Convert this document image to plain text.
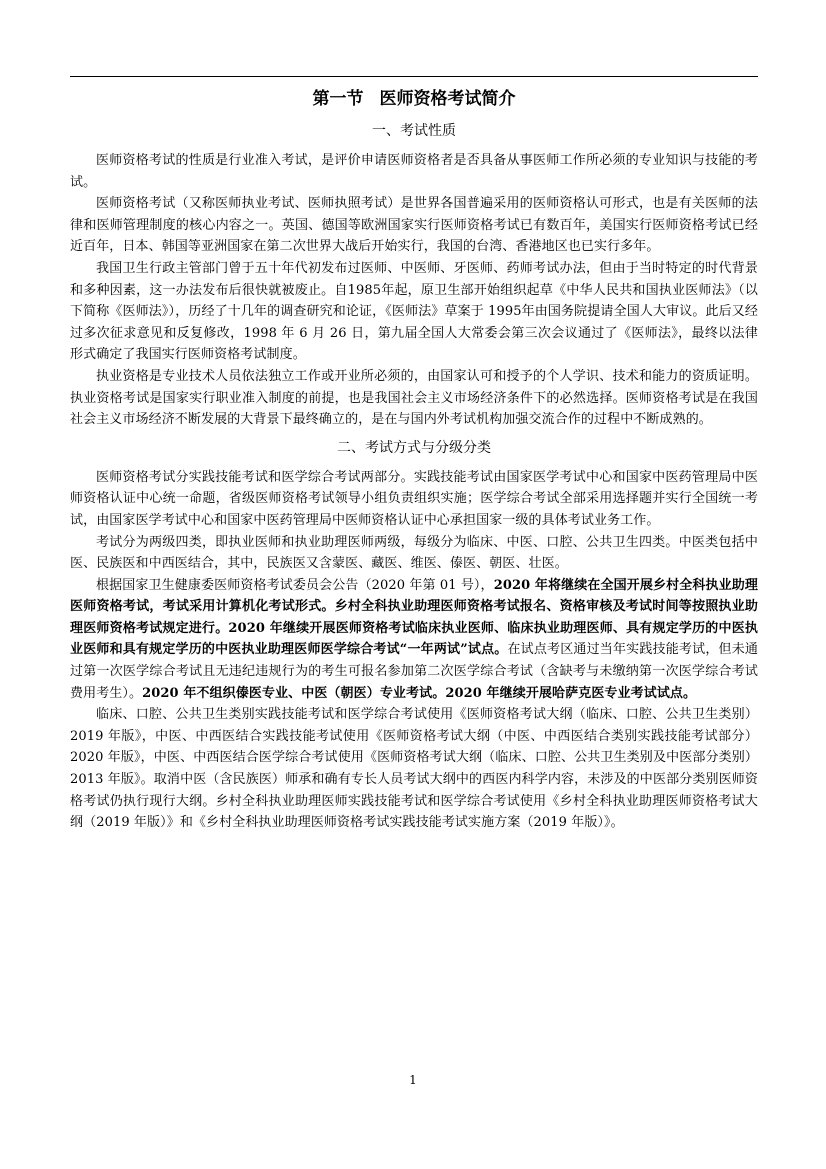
第一节 医师资格考试简介
一、考试性质

医师资格考试的性质是行业准入考试，是评价申请医师资格者是否具备从事医师工作所必须的专业知识与技能的考试。

医师资格考试（又称医师执业考试、医师执照考试）是世界各国普遍采用的医师资格认可形式，也是有关医师的法律和医师管理制度的核心内容之一。英国、德国等欧洲国家实行医师资格考试已有数百年，美国实行医师资格考试已经近百年，日本、韩国等亚洲国家在第二次世界大战后开始实行，我国的台湾、香港地区也已实行多年。

我国卫生行政主管部门曾于五十年代初发布过医师、中医师、牙医师、药师考试办法，但由于当时特定的时代背景和多种因素，这一办法发布后很快就被废止。自1985年起，原卫生部开始组织起草《中华人民共和国执业医师法》（以下简称《医师法》），历经了十几年的调查研究和论证，《医师法》草案于 1995年由国务院提请全国人大审议。此后又经过多次征求意见和反复修改，1998 年 6 月 26 日，第九届全国人大常委会第三次会议通过了《医师法》，最终以法律形式确定了我国实行医师资格考试制度。

执业资格是专业技术人员依法独立工作或开业所必须的，由国家认可和授予的个人学识、技术和能力的资质证明。执业资格考试是国家实行职业准入制度的前提，也是我国社会主义市场经济条件下的必然选择。医师资格考试是在我国社会主义市场经济不断发展的大背景下最终确立的，是在与国内外考试机构加强交流合作的过程中不断成熟的。

二、考试方式与分级分类

医师资格考试分实践技能考试和医学综合考试两部分。实践技能考试由国家医学考试中心和国家中医药管理局中医师资格认证中心统一命题，省级医师资格考试领导小组负责组织实施；医学综合考试全部采用选择题并实行全国统一考试，由国家医学考试中心和国家中医药管理局中医师资格认证中心承担国家一级的具体考试业务工作。

考试分为两级四类，即执业医师和执业助理医师两级，每级分为临床、中医、口腔、公共卫生四类。中医类包括中医、民族医和中西医结合，其中，民族医又含蒙医、藏医、维医、傣医、朝医、壮医。

根据国家卫生健康委医师资格考试委员会公告（2020 年第 01 号），2020 年将继续在全国开展乡村全科执业助理医师资格考试，考试采用计算机化考试形式。乡村全科执业助理医师资格考试报名、资格审核及考试时间等按照执业助理医师资格考试规定进行。2020 年继续开展医师资格考试临床执业医师、临床执业助理医师、具有规定学历的中医执业医师和具有规定学历的中医执业助理医师医学综合考试“一年两试”试点。在试点考区通过当年实践技能考试，但未通过第一次医学综合考试且无违纪违规行为的考生可报名参加第二次医学综合考试（含缺考与未缴纳第一次医学综合考试费用考生）。2020 年不组织傣医专业、中医（朝医）专业考试。2020 年继续开展哈萨克医专业考试试点。

临床、口腔、公共卫生类别实践技能考试和医学综合考试使用《医师资格考试大纲（临床、口腔、公共卫生类别）2019 年版》，中医、中西医结合实践技能考试使用《医师资格考试大纲（中医、中西医结合类别实践技能考试部分）2020 年版》，中医、中西医结合医学综合考试使用《医师资格考试大纲（临床、口腔、公共卫生类别及中医部分类别）2013 年版》。取消中医（含民族医）师承和确有专长人员考试大纲中的西医内科学内容，未涉及的中医部分类别医师资格考试仍执行现行大纲。乡村全科执业助理医师实践技能考试和医学综合考试使用《乡村全科执业助理医师资格考试大纲（2019 年版）》和《乡村全科执业助理医师资格考试实践技能考试实施方案（2019 年版）》。

1
